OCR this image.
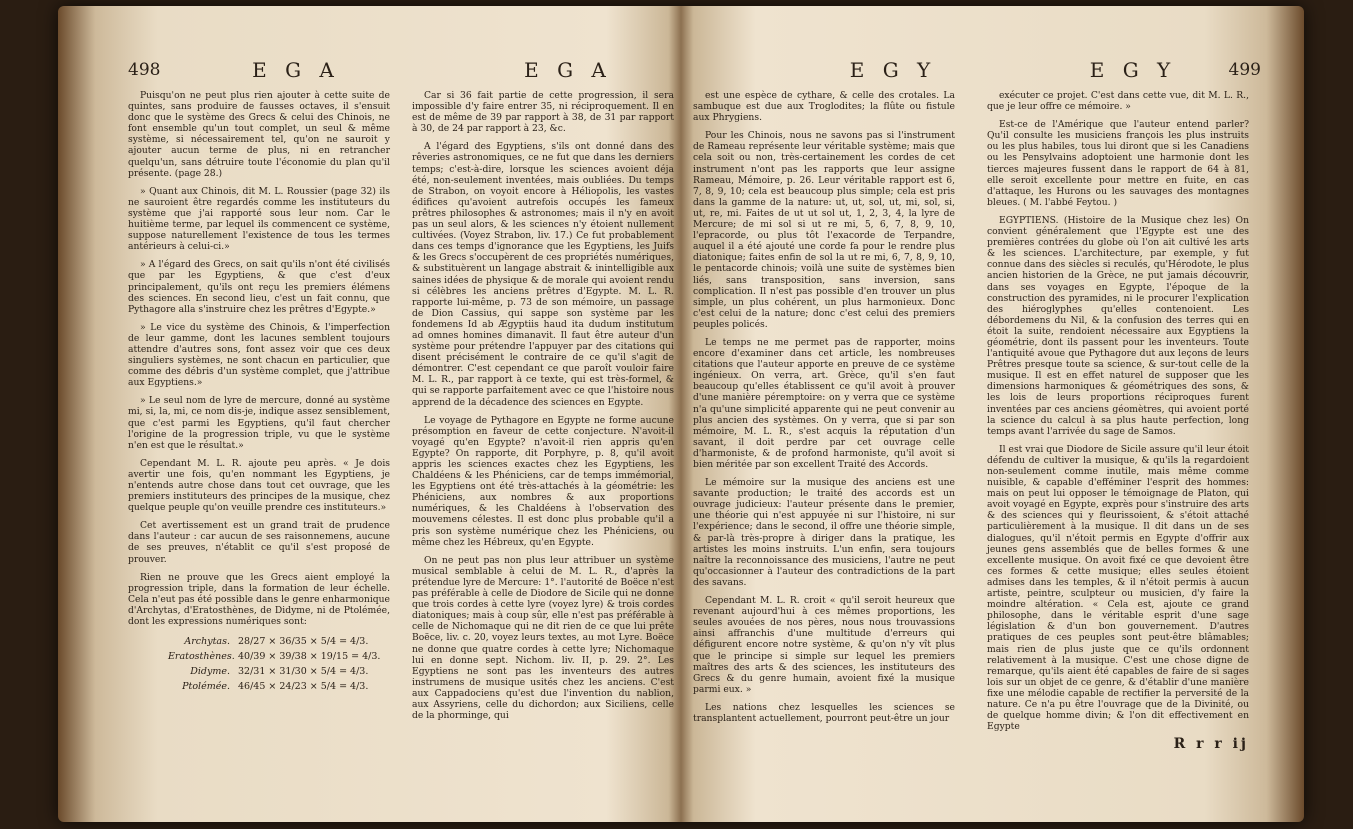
498	E G A	E G A

Puisqu'on ne peut plus rien ajouter à cette suite de quintes, sans produire de fausses octaves, il s'ensuit donc que le système des Grecs & celui des Chinois, ne font ensemble qu'un tout complet, un seul & même système, si nécessairement tel, qu'on ne sauroit y ajouter aucun terme de plus, ni en retrancher quelqu'un, sans détruire toute l'économie du plan qu'il présente. (page 28.)

» Quant aux Chinois, dit M. L. Roussier (page 32) ils ne sauroient être regardés comme les instituteurs du système que j'ai rapporté sous leur nom. Car le huitième terme, par lequel ils commencent ce système, suppose naturellement l'existence de tous les termes antérieurs à celui-ci.»

» A l'égard des Grecs, on sait qu'ils n'ont été civilisés que par les Egyptiens, & que c'est d'eux principalement, qu'ils ont reçu les premiers élémens des sciences. En second lieu, c'est un fait connu, que Pythagore alla s'instruire chez les prêtres d'Egypte.»

» Le vice du système des Chinois, & l'imperfection de leur gamme, dont les lacunes semblent toujours attendre d'autres sons, font assez voir que ces deux singuliers systèmes, ne sont chacun en particulier, que comme des débris d'un système complet, que j'attribue aux Egyptiens.»

» Le seul nom de lyre de mercure, donné au système mi, si, la, mi, ce nom dis-je, indique assez sensiblement, que c'est parmi les Egyptiens, qu'il faut chercher l'origine de la progression triple, vu que le système n'en est que le résultat.»

Cependant M. L. R. ajoute peu après. « Je dois avertir une fois, qu'en nommant les Egyptiens, je n'entends autre chose dans tout cet ouvrage, que les premiers instituteurs des principes de la musique, chez quelque peuple qu'on veuille prendre ces instituteurs.»

Cet avertissement est un grand trait de prudence dans l'auteur : car aucun de ses raisonnemens, aucune de ses preuves, n'établit ce qu'il s'est proposé de prouver.

Rien ne prouve que les Grecs aient employé la progression triple, dans la formation de leur échelle. Cela n'eut pas été possible dans le genre enharmonique d'Archytas, d'Eratosthènes, de Didyme, ni de Ptolémée, dont les expressions numériques sont:

Archytas. 28/27 × 36/35 × 5/4 = 4/3.
Eratosthènes. 40/39 × 39/38 × 19/15 = 4/3.
Didyme. 32/31 × 31/30 × 5/4 = 4/3.
Ptolémée. 46/45 × 24/23 × 5/4 = 4/3.

Car si 36 fait partie de cette progression, il sera impossible d'y faire entrer 35, ni réciproquement. Il en est de même de 39 par rapport à 38, de 31 par rapport à 30, de 24 par rapport à 23, &c.

A l'égard des Egyptiens, s'ils ont donné dans des rêveries astronomiques, ce ne fut que dans les derniers temps; c'est-à-dire, lorsque les sciences avoient déja été, non-seulement inventées, mais oubliées. Du temps de Strabon, on voyoit encore à Héliopolis, les vastes édifices qu'avoient autrefois occupés les fameux prêtres philosophes & astronomes; mais il n'y en avoit pas un seul alors, & les sciences n'y étoient nullement cultivées. (Voyez Strabon, liv. 17.) Ce fut probablement dans ces temps d'ignorance que les Egyptiens, les Juifs & les Grecs s'occupèrent de ces propriétés numériques, & substituèrent un langage abstrait & inintelligible aux saines idées de physique & de morale qui avoient rendu si célèbres les anciens prêtres d'Egypte. M. L. R. rapporte lui-même, p. 73 de son mémoire, un passage de Dion Cassius, qui sappe son système par les fondemens Id ab Ægyptiis haud ita dudum institutum ad omnes homines dimanavit. Il faut être auteur d'un système pour prétendre l'appuyer par des citations qui disent précisément le contraire de ce qu'il s'agit de démontrer. C'est cependant ce que paroît vouloir faire M. L. R., par rapport à ce texte, qui est très-formel, & qui se rapporte parfaitement avec ce que l'histoire nous apprend de la décadence des sciences en Egypte.

Le voyage de Pythagore en Egypte ne forme aucune présomption en faveur de cette conjecture. N'avoit-il voyagé qu'en Egypte? n'avoit-il rien appris qu'en Egypte? On rapporte, dit Porphyre, p. 8, qu'il avoit appris les sciences exactes chez les Egyptiens, les Chaldéens & les Phéniciens, car de temps immémorial, les Egyptiens ont été très-attachés à la géométrie: les Phéniciens, aux nombres & aux proportions numériques, & les Chaldéens à l'observation des mouvemens célestes. Il est donc plus probable qu'il a pris son système numérique chez les Phéniciens, ou même chez les Hébreux, qu'en Egypte.

On ne peut pas non plus leur attribuer un système musical semblable à celui de M. L. R., d'après la prétendue lyre de Mercure: 1°. l'autorité de Boëce n'est pas préférable à celle de Diodore de Sicile qui ne donne que trois cordes à cette lyre (voyez lyre) & trois cordes diatoniques; mais à coup sûr, elle n'est pas préférable à celle de Nichomaque qui ne dit rien de ce que lui prête Boëce, liv. c. 20, voyez leurs textes, au mot Lyre. Boëce ne donne que quatre cordes à cette lyre; Nichomaque lui en donne sept. Nichom. liv. II, p. 29. 2°. Les Egyptiens ne sont pas les inventeurs des autres instrumens de musique usités chez les anciens. C'est aux Cappadociens qu'est due l'invention du nablion, aux Assyriens, celle du dichordon; aux Siciliens, celle de la phorminge, qui

E G Y	E G Y	499

est une espèce de cythare, & celle des crotales. La sambuque est due aux Troglodites; la flûte ou fistule aux Phrygiens.

Pour les Chinois, nous ne savons pas si l'instrument de Rameau représente leur véritable système; mais que cela soit ou non, très-certainement les cordes de cet instrument n'ont pas les rapports que leur assigne Rameau, Mémoire, p. 26. Leur véritable rapport est 6, 7, 8, 9, 10; cela est beaucoup plus simple; cela est pris dans la gamme de la nature: ut, ut, sol, ut, mi, sol, si, ut, re, mi. Faites de ut ut sol ut, 1, 2, 3, 4, la lyre de Mercure; de mi sol si ut re mi, 5, 6, 7, 8, 9, 10, l'epracorde, ou plus tôt l'exacorde de Terpandre, auquel il a été ajouté une corde fa pour le rendre plus diatonique; faites enfin de sol la ut re mi, 6, 7, 8, 9, 10, le pentacorde chinois; voilà une suite de systèmes bien liés, sans transposition, sans inversion, sans complication. Il n'est pas possible d'en trouver un plus simple, un plus cohérent, un plus harmonieux. Donc c'est celui de la nature; donc c'est celui des premiers peuples policés.

Le temps ne me permet pas de rapporter, moins encore d'examiner dans cet article, les nombreuses citations que l'auteur apporte en preuve de ce système ingénieux. On verra, art. Grèce, qu'il s'en faut beaucoup qu'elles établissent ce qu'il avoit à prouver d'une manière péremptoire: on y verra que ce système n'a qu'une simplicité apparente qui ne peut convenir au plus ancien des systèmes. On y verra, que si par son mémoire, M. L. R., s'est acquis la réputation d'un savant, il doit perdre par cet ouvrage celle d'harmoniste, & de profond harmoniste, qu'il avoit si bien méritée par son excellent Traité des Accords.

Le mémoire sur la musique des anciens est une savante production; le traité des accords est un ouvrage judicieux: l'auteur présente dans le premier, une théorie qui n'est appuyée ni sur l'histoire, ni sur l'expérience; dans le second, il offre une théorie simple, & par-là très-propre à diriger dans la pratique, les artistes les moins instruits. L'un enfin, sera toujours naître la reconnoissance des musiciens, l'autre ne peut qu'occasionner à l'auteur des contradictions de la part des savans.

Cependant M. L. R. croit « qu'il seroit heureux que revenant aujourd'hui à ces mêmes proportions, les seules avouées de nos pères, nous nous trouvassions ainsi affranchis d'une multitude d'erreurs qui défigurent encore notre système, & qu'on n'y vît plus que le principe si simple sur lequel les premiers maîtres des arts & des sciences, les instituteurs des Grecs & du genre humain, avoient fixé la musique parmi eux. »

Les nations chez lesquelles les sciences se transplantent actuellement, pourront peut-être un jour

exécuter ce projet. C'est dans cette vue, dit M. L. R., que je leur offre ce mémoire. »

Est-ce de l'Amérique que l'auteur entend parler? Qu'il consulte les musiciens françois les plus instruits ou les plus habiles, tous lui diront que si les Canadiens ou les Pensylvains adoptoient une harmonie dont les tierces majeures fussent dans le rapport de 64 à 81, elle seroit excellente pour mettre en fuite, en cas d'attaque, les Hurons ou les sauvages des montagnes bleues. ( M. l'abbé Feytou. )

EGYPTIENS. (Histoire de la Musique chez les) On convient généralement que l'Egypte est une des premières contrées du globe où l'on ait cultivé les arts & les sciences. L'architecture, par exemple, y fut connue dans des siècles si reculés, qu'Hérodote, le plus ancien historien de la Grèce, ne put jamais découvrir, dans ses voyages en Egypte, l'époque de la construction des pyramides, ni le procurer l'explication des hiéroglyphes qu'elles contenoient. Les débordemens du Nil, & la confusion des terres qui en étoit la suite, rendoient nécessaire aux Egyptiens la géométrie, dont ils passent pour les inventeurs. Toute l'antiquité avoue que Pythagore dut aux leçons de leurs Prêtres presque toute sa science, & sur-tout celle de la musique. Il est en effet naturel de supposer que les dimensions harmoniques & géométriques des sons, & les lois de leurs proportions réciproques furent inventées par ces anciens géomètres, qui avoient porté la science du calcul à sa plus haute perfection, long temps avant l'arrivée du sage de Samos.

Il est vrai que Diodore de Sicile assure qu'il leur étoit défendu de cultiver la musique, & qu'ils la regardoient non-seulement comme inutile, mais même comme nuisible, & capable d'efféminer l'esprit des hommes: mais on peut lui opposer le témoignage de Platon, qui avoit voyagé en Egypte, exprès pour s'instruire des arts & des sciences qui y fleurissoient, & s'étoit attaché particulièrement à la musique. Il dit dans un de ses dialogues, qu'il n'étoit permis en Egypte d'offrir aux jeunes gens assemblés que de belles formes & une excellente musique. On avoit fixé ce que devoient être ces formes & cette musique; elles seules étoient admises dans les temples, & il n'étoit permis à aucun artiste, peintre, sculpteur ou musicien, d'y faire la moindre altération. « Cela est, ajoute ce grand philosophe, dans le véritable esprit d'une sage législation & d'un bon gouvernement. D'autres pratiques de ces peuples sont peut-être blâmables; mais rien de plus juste que ce qu'ils ordonnent relativement à la musique. C'est une chose digne de remarque, qu'ils aient été capables de faire de si sages lois sur un objet de ce genre, & d'établir d'une manière fixe une mélodie capable de rectifier la perversité de la nature. Ce n'a pu être l'ouvrage que de la Divinité, ou de quelque homme divin; & l'on dit effectivement en Egypte

R r r ij
